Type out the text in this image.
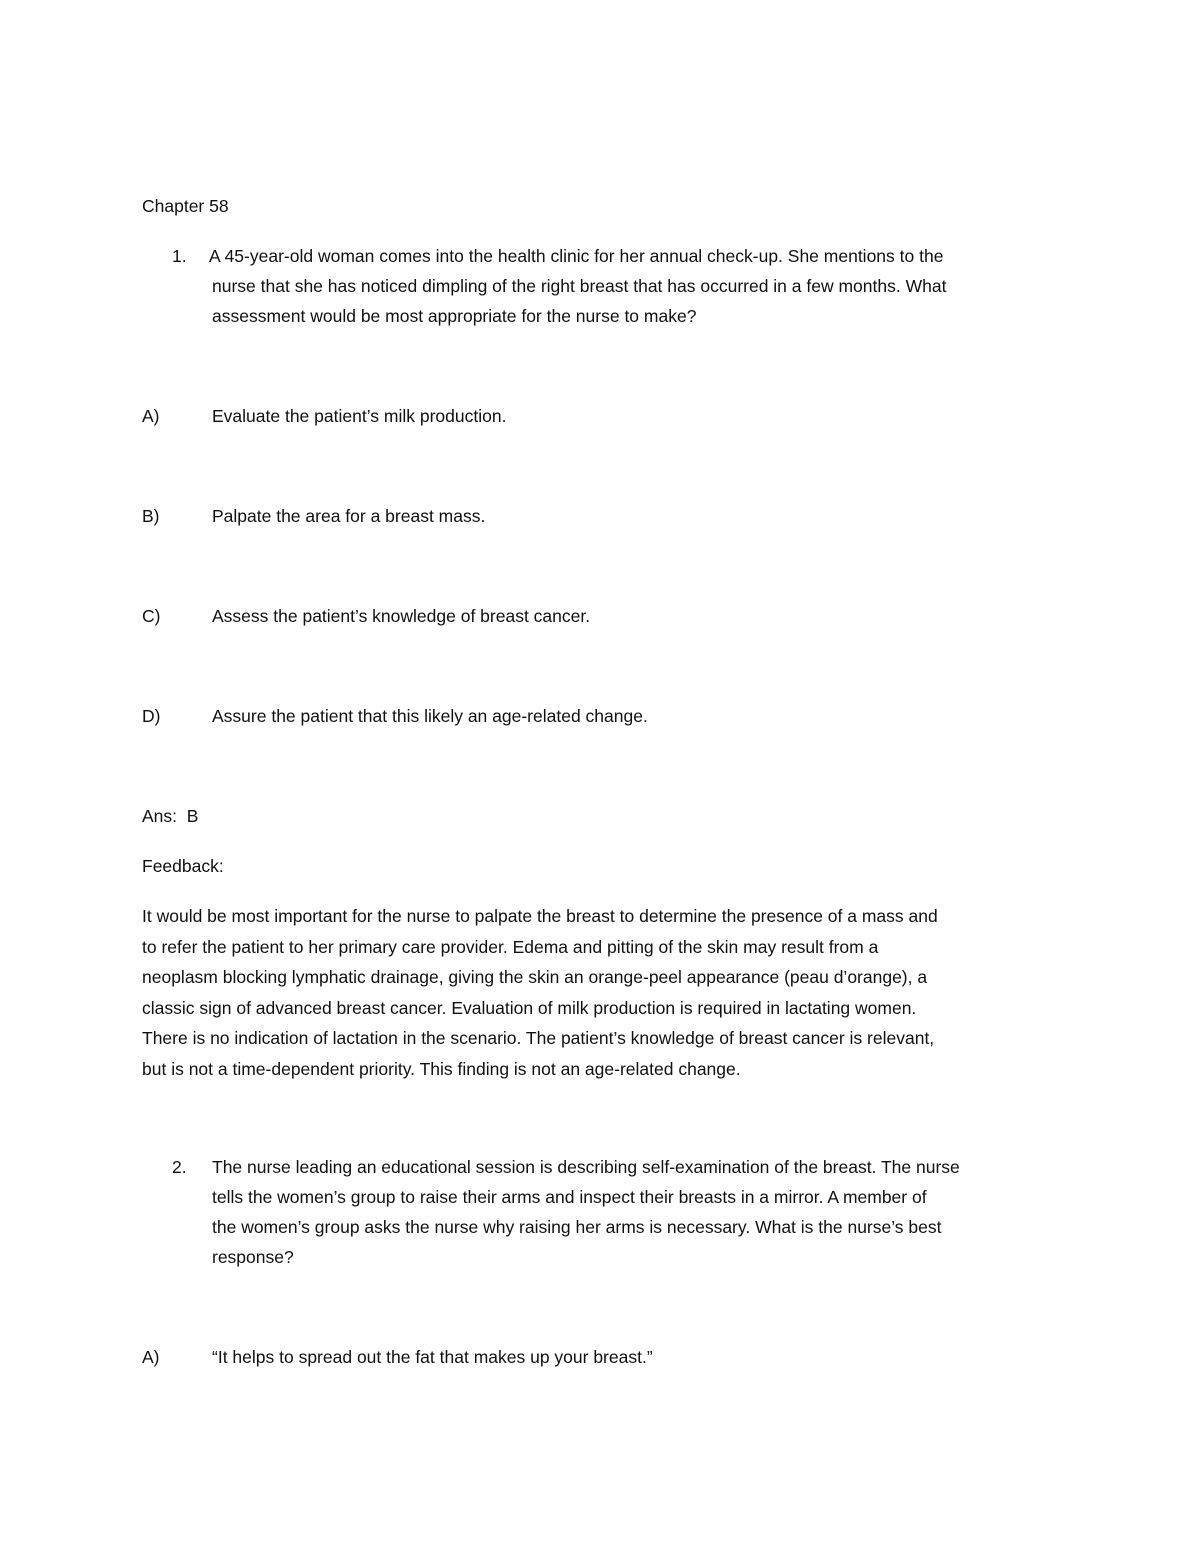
Chapter 58
1. A 45-year-old woman comes into the health clinic for her annual check-up. She mentions to the
nurse that she has noticed dimpling of the right breast that has occurred in a few months. What
assessment would be most appropriate for the nurse to make?
A)	Evaluate the patient’s milk production.
B)	Palpate the area for a breast mass.
C)	Assess the patient’s knowledge of breast cancer.
D)	Assure the patient that this likely an age-related change.
Ans:  B
Feedback:

It would be most important for the nurse to palpate the breast to determine the presence of a mass and

to refer the patient to her primary care provider. Edema and pitting of the skin may result from a

neoplasm blocking lymphatic drainage, giving the skin an orange-peel appearance (peau d’orange), a

classic sign of advanced breast cancer. Evaluation of milk production is required in lactating women.

There is no indication of lactation in the scenario. The patient’s knowledge of breast cancer is relevant,

but is not a time-dependent priority. This finding is not an age-related change.

2. The nurse leading an educational session is describing self-examination of the breast. The nurse
tells the women’s group to raise their arms and inspect their breasts in a mirror. A member of
the women’s group asks the nurse why raising her arms is necessary. What is the nurse’s best
response?
A)	“It helps to spread out the fat that makes up your breast.”
